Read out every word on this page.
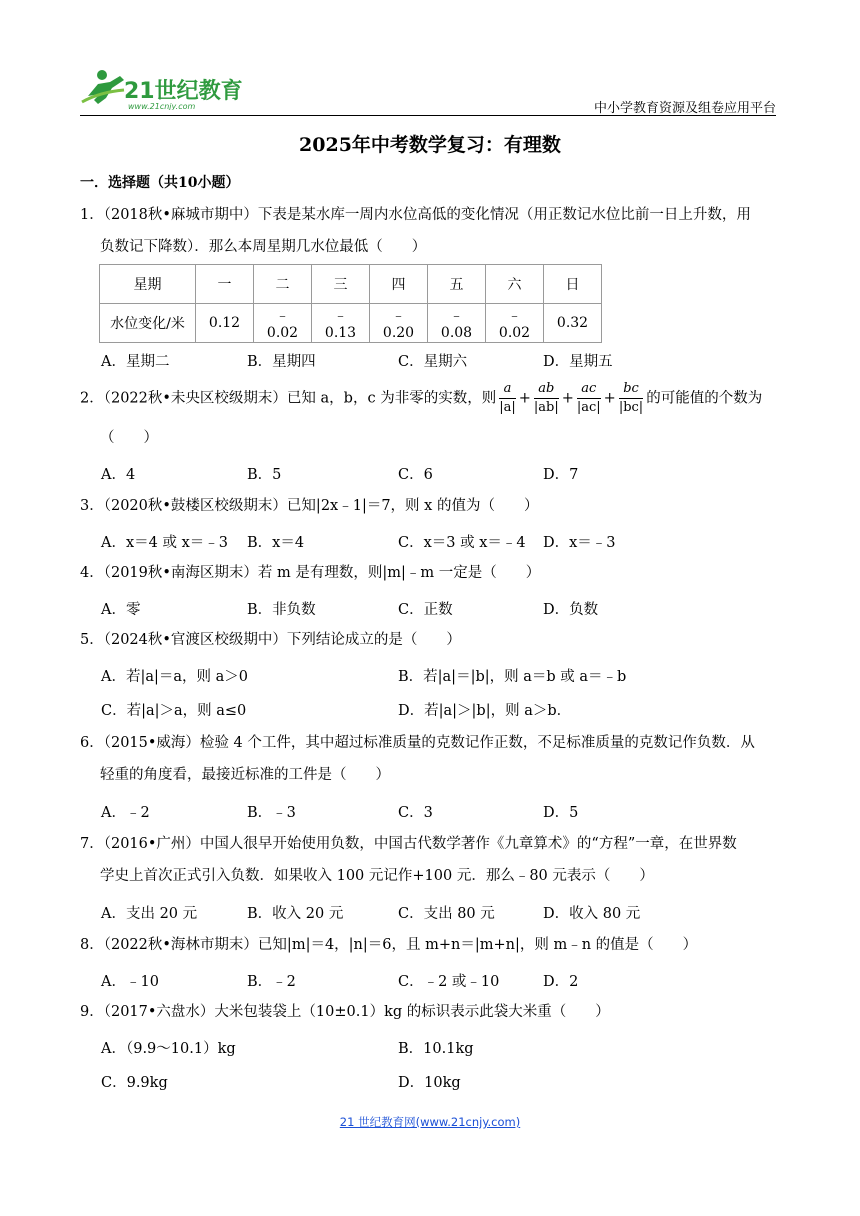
21世纪教育
www.21cnjy.com	中小学教育资源及组卷应用平台
2025年中考数学复习：有理数
一．选择题（共10小题）
1．（2018秋•麻城市期中）下表是某水库一周内水位高低的变化情况（用正数记水位比前一日上升数，用
负数记下降数）．那么本周星期几水位最低（　　）
星期	一	二	三	四	五	六	日
水位变化/米	0.12	﹣0.02	﹣0.13	﹣0.20	﹣0.08	﹣0.02	0.32
A．星期二	B．星期四	C．星期六	D．星期五
2．（2022秋•未央区校级期末）已知 a，b，c 为非零的实数，则 $\frac{a}{|a|} + \frac{ab}{|ab|} + \frac{ac}{|ac|} + \frac{bc}{|bc|}$ 的可能值的个数为
（　　）
A．4	B．5	C．6	D．7
3．（2020秋•鼓楼区校级期末）已知|2x﹣1|＝7，则 x 的值为（　　）
A．x＝4 或 x＝﹣3 B．x＝4	C．x＝3 或 x＝﹣4 D．x＝﹣3
4．（2019秋•南海区期末）若 m 是有理数，则|m|﹣m 一定是（　　）
A．零	B．非负数	C．正数	D．负数
5．（2024秋•官渡区校级期中）下列结论成立的是（　　）
A．若|a|＝a，则 a＞0	B．若|a|＝|b|，则 a＝b 或 a＝﹣b
C．若|a|＞a，则 a≤0	D．若|a|＞|b|，则 a＞b．
6．（2015•威海）检验 4 个工件，其中超过标准质量的克数记作正数，不足标准质量的克数记作负数．从
轻重的角度看，最接近标准的工件是（　　）
A．﹣2	B．﹣3	C．3	D．5
7．（2016•广州）中国人很早开始使用负数，中国古代数学著作《九章算术》的“方程”一章，在世界数
学史上首次正式引入负数．如果收入 100 元记作+100 元．那么﹣80 元表示（　　）
A．支出 20 元	B．收入 20 元	C．支出 80 元	D．收入 80 元
8．（2022秋•海林市期末）已知|m|＝4，|n|＝6，且 m+n＝|m+n|，则 m﹣n 的值是（　　）
A．﹣10	B．﹣2	C．﹣2 或﹣10	D．2
9．（2017•六盘水）大米包装袋上（10±0.1）kg 的标识表示此袋大米重（　　）
A．（9.9～10.1）kg	B．10.1kg
C．9.9kg	D．10kg
21 世纪教育网(www.21cnjy.com)
